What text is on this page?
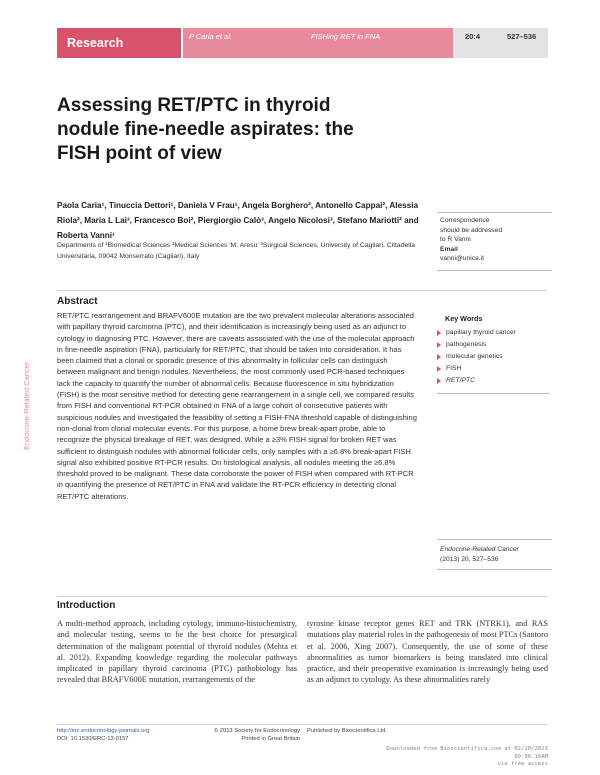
Research	P Caria et al.	FISHing RET in FNA	20:4	527–536
Assessing RET/PTC in thyroid nodule fine-needle aspirates: the FISH point of view
Paola Caria¹, Tinuccia Dettori¹, Daniela V Frau¹, Angela Borghero², Antonello Cappai², Alessia Riola², Maria L Lai³, Francesco Boi², Piergiorgio Calò³, Angelo Nicolosi³, Stefano Mariotti² and Roberta Vanni¹
Departments of ¹Biomedical Sciences ²Medical Sciences 'M. Aresu' ³Surgical Sciences, University of Cagliari, Cittadella Universitaria, 09042 Monserrato (Cagliari), Italy
Correspondence
should be addressed
to R Vanni
Email
vanni@unica.it
Abstract

RET/PTC rearrangement and BRAFV600E mutation are the two prevalent molecular alterations associated with papillary thyroid carcinoma (PTC), and their identification is increasingly being used as an adjunct to cytology in diagnosing PTC. However, there are caveats associated with the use of the molecular approach in fine-needle aspiration (FNA), particularly for RET/PTC, that should be taken into consideration. It has been claimed that a clonal or sporadic presence of this abnormality in follicular cells can distinguish between malignant and benign nodules. Nevertheless, the most commonly used PCR-based techniques lack the capacity to quantify the number of abnormal cells. Because fluorescence in situ hybridization (FISH) is the most sensitive method for detecting gene rearrangement in a single cell, we compared results from FISH and conventional RT-PCR obtained in FNA of a large cohort of consecutive patients with suspicious nodules and investigated the feasibility of setting a FISH-FNA threshold capable of distinguishing non-clonal from clonal molecular events. For this purpose, a home brew break-apart probe, able to recognize the physical breakage of RET, was designed. While a ≥3% FISH signal for broken RET was sufficient to distinguish nodules with abnormal follicular cells, only samples with a ≥6.8% break-apart FISH signal also exhibited positive RT-PCR results. On histological analysis, all nodules meeting the ≥6.8% threshold proved to be malignant. These data corroborate the power of FISH when compared with RT-PCR in quantifying the presence of RET/PTC in FNA and validate the RT-PCR efficiency in detecting clonal RET/PTC alterations.

Key Words
papillary thyroid cancer
pathogenesis
molecular genetics
FISH
RET/PTC
Endocrine-Related Cancer
(2013) 20, 527–536
Endocrine-Related Cancer
Introduction

A multi-method approach, including cytology, immuno-histochemistry, and molecular testing, seems to be the best choice for presurgical determination of the malignant potential of thyroid nodules (Mehta et al. 2012). Expanding knowledge regarding the molecular pathways implicated in papillary thyroid carcinoma (PTC) pathobiology has revealed that BRAFV600E mutation, rearrangements of the

tyrosine kinase receptor genes RET and TRK (NTRK1), and RAS mutations play material roles in the pathogenesis of most PTCs (Santoro et al. 2006, Xing 2007). Consequently, the use of some of these abnormalities as tumor biomarkers is being translated into clinical practice, and their preoperative examination is increasingly being used as an adjunct to cytology. As these abnormalities rarely

http://erc.endocrinology-journals.org
DOI: 10.1530/ERC-13-0157
© 2013 Society for Endocrinology
Printed in Great Britain
Published by Bioscientifica Ltd.
Downloaded from Bioscientifica.com at 02/10/2023 09:06:16AM
via free access
